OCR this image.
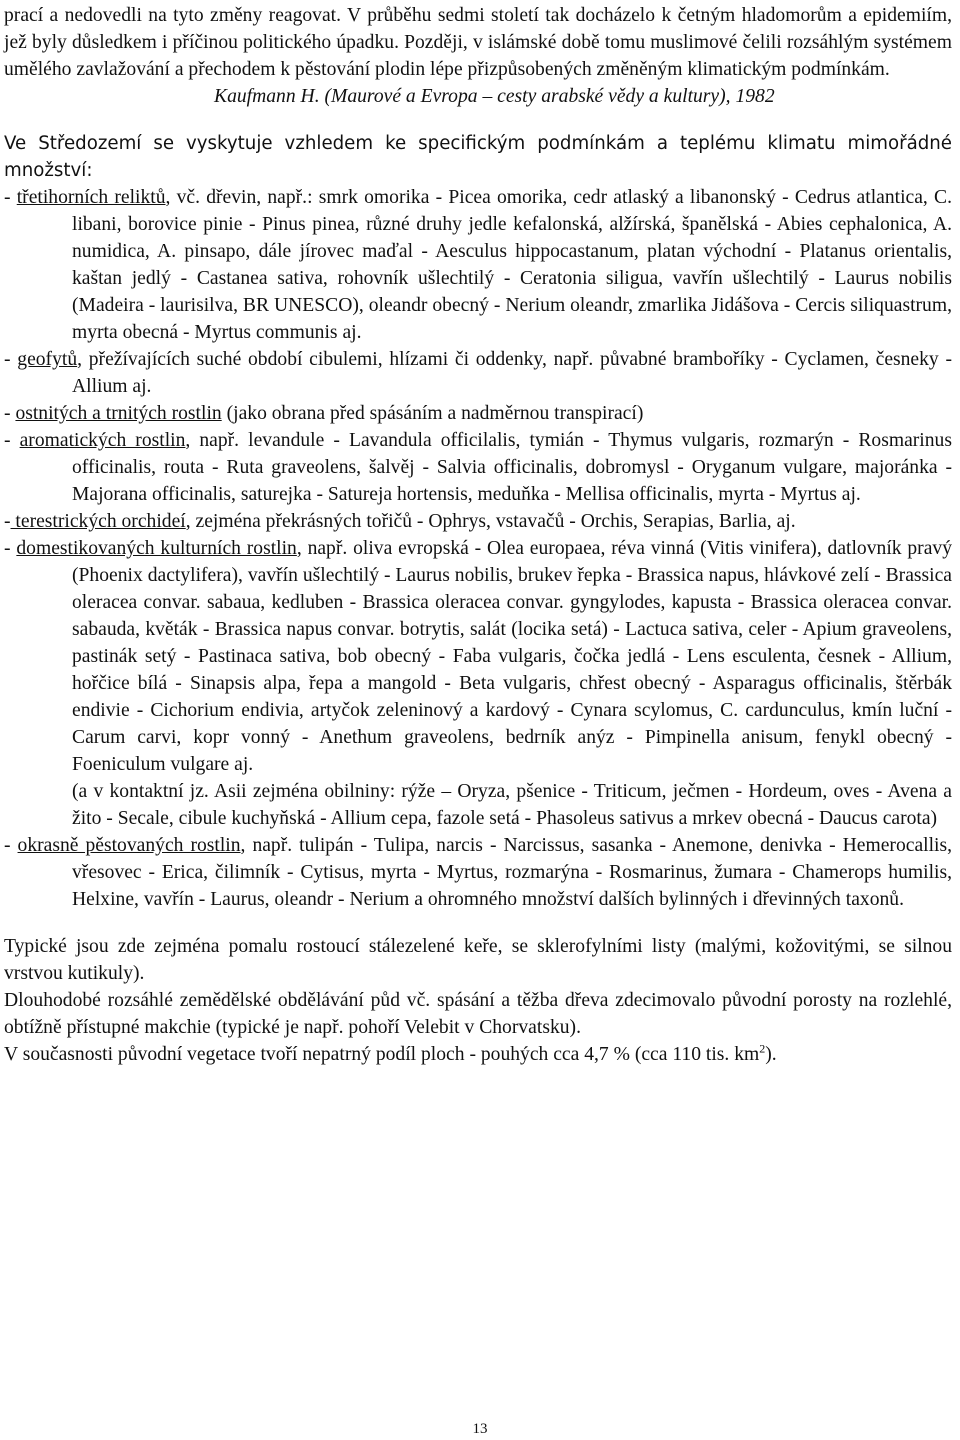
prací a nedovedli na tyto změny reagovat. V průběhu sedmi století tak docházelo k četným hladomorům a epidemiím, jež byly důsledkem i příčinou politického úpadku. Později, v islámské době tomu muslimové čelili rozsáhlým systémem umělého zavlažování a přechodem k pěstování plodin lépe přizpůsobených změněným klimatickým podmínkám.

Kaufmann H. (Maurové a Evropa – cesty arabské vědy a kultury), 1982

Ve Středozemí se vyskytuje vzhledem ke specifickým podmínkám a teplému klimatu mimořádné množství:

- třetihorních reliktů, vč. dřevin, např.: smrk omorika - Picea omorika, cedr atlaský a libanonský - Cedrus atlantica, C. libani, borovice pinie - Pinus pinea, různé druhy jedle kefalonská, alžírská, španělská - Abies cephalonica, A. numidica, A. pinsapo, dále jírovec maďal - Aesculus hippocastanum, platan východní - Platanus orientalis, kaštan jedlý - Castanea sativa, rohovník ušlechtilý - Ceratonia siligua, vavřín ušlechtilý - Laurus nobilis (Madeira - laurisilva, BR UNESCO), oleandr obecný - Nerium oleandr, zmarlika Jidášova - Cercis siliquastrum, myrta obecná - Myrtus communis aj.

- geofytů, přežívajících suché období cibulemi, hlízami či oddenky, např. půvabné bramboříky - Cyclamen, česneky - Allium aj.

- ostnitých a trnitých rostlin (jako obrana před spásáním a nadměrnou transpirací)

- aromatických rostlin, např. levandule - Lavandula officilalis, tymián - Thymus vulgaris, rozmarýn - Rosmarinus officinalis, routa - Ruta graveolens, šalvěj - Salvia officinalis, dobromysl - Oryganum vulgare, majoránka - Majorana officinalis, saturejka - Satureja hortensis, meduňka - Mellisa officinalis, myrta - Myrtus aj.

- terestrických orchideí, zejména překrásných tořičů - Ophrys, vstavačů - Orchis, Serapias, Barlia, aj.

- domestikovaných kulturních rostlin, např. oliva evropská - Olea europaea, réva vinná (Vitis vinifera), datlovník pravý (Phoenix dactylifera), vavřín ušlechtilý - Laurus nobilis, brukev řepka - Brassica napus, hlávkové zelí - Brassica oleracea convar. sabaua, kedluben - Brassica oleracea convar. gyngylodes, kapusta - Brassica oleracea convar. sabauda, květák - Brassica napus convar. botrytis, salát (locika setá) - Lactuca sativa, celer - Apium graveolens, pastinák setý - Pastinaca sativa, bob obecný - Faba vulgaris, čočka jedlá - Lens esculenta, česnek - Allium, hořčice bílá - Sinapsis alpa, řepa a mangold - Beta vulgaris, chřest obecný - Asparagus officinalis, štěrbák endivie - Cichorium endivia, artyčok zeleninový a kardový - Cynara scylomus, C. cardunculus, kmín luční - Carum carvi, kopr vonný - Anethum graveolens, bedrník anýz - Pimpinella anisum, fenykl obecný - Foeniculum vulgare aj.

(a v kontaktní jz. Asii zejména obilniny: rýže – Oryza, pšenice - Triticum, ječmen - Hordeum, oves - Avena a žito - Secale, cibule kuchyňská - Allium cepa, fazole setá - Phasoleus sativus a mrkev obecná - Daucus carota)

- okrasně pěstovaných rostlin, např. tulipán - Tulipa, narcis - Narcissus, sasanka - Anemone, denivka - Hemerocallis, vřesovec - Erica, čilimník - Cytisus, myrta - Myrtus, rozmarýna - Rosmarinus, žumara - Chamerops humilis, Helxine, vavřín - Laurus, oleandr - Nerium a ohromného množství dalších bylinných i dřevinných taxonů.

Typické jsou zde zejména pomalu rostoucí stálezelené keře, se sklerofylními listy (malými, kožovitými, se silnou vrstvou kutikuly).

Dlouhodobé rozsáhlé zemědělské obdělávání půd vč. spásání a těžba dřeva zdecimovalo původní porosty na rozlehlé, obtížně přístupné makchie (typické je např. pohoří Velebit v Chorvatsku).

V současnosti původní vegetace tvoří nepatrný podíl ploch - pouhých cca 4,7 % (cca 110 tis. $km^2$).

13
